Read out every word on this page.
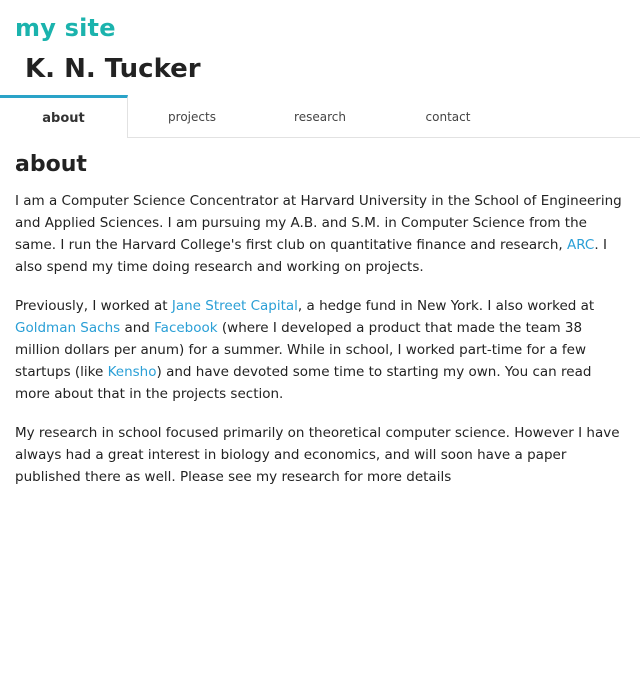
my site
K. N. Tucker
about	projects	research	contact
about

I am a Computer Science Concentrator at Harvard University in the School of Engineering and Applied Sciences. I am pursuing my A.B. and S.M. in Computer Science from the same. I run the Harvard College's first club on quantitative finance and research, ARC. I also spend my time doing research and working on projects.

Previously, I worked at Jane Street Capital, a hedge fund in New York. I also worked at Goldman Sachs and Facebook (where I developed a product that made the team 38 million dollars per anum) for a summer. While in school, I worked part-time for a few startups (like Kensho) and have devoted some time to starting my own. You can read more about that in the projects section.

My research in school focused primarily on theoretical computer science. However I have always had a great interest in biology and economics, and will soon have a paper published there as well. Please see my research for more details
